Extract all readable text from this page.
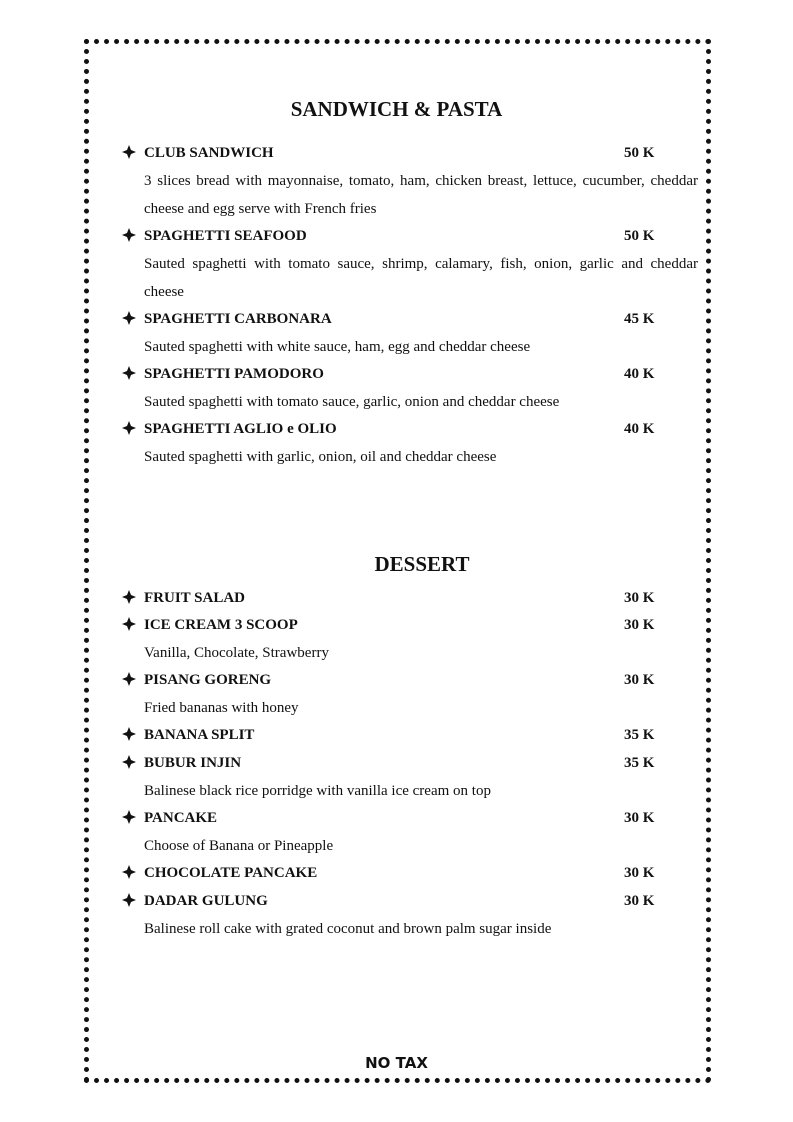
SANDWICH & PASTA
CLUB SANDWICH	50 K
3 slices bread with mayonnaise, tomato, ham, chicken breast, lettuce, cucumber, cheddar cheese and egg serve with French fries
SPAGHETTI SEAFOOD	50 K
Sauted spaghetti with tomato sauce, shrimp, calamary, fish, onion, garlic and cheddar cheese
SPAGHETTI CARBONARA	45 K
Sauted spaghetti with white sauce, ham, egg and cheddar cheese
SPAGHETTI PAMODORO	40 K
Sauted spaghetti with tomato sauce, garlic, onion and cheddar cheese
SPAGHETTI AGLIO e OLIO	40 K
Sauted spaghetti with garlic, onion, oil and cheddar cheese
DESSERT
FRUIT SALAD	30 K
ICE CREAM 3 SCOOP	30 K
Vanilla, Chocolate, Strawberry
PISANG GORENG	30 K
Fried bananas with honey
BANANA SPLIT	35 K
BUBUR INJIN	35 K
Balinese black rice porridge with vanilla ice cream on top
PANCAKE	30 K
Choose of Banana or Pineapple
CHOCOLATE PANCAKE	30 K
DADAR GULUNG	30 K
Balinese roll cake with grated coconut and brown palm sugar inside
NO TAX
